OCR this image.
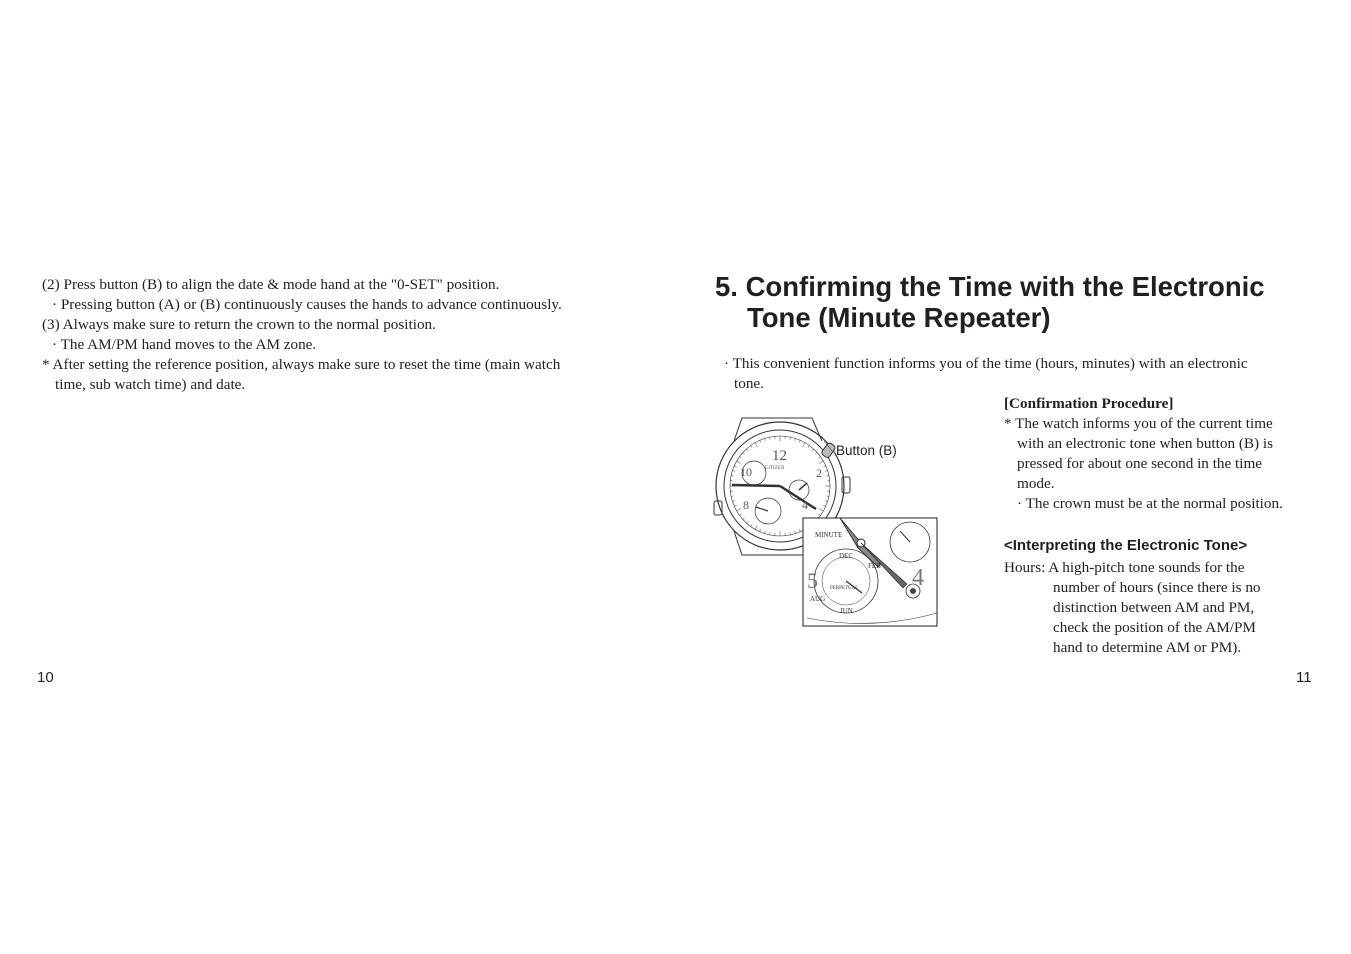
(2) Press button (B) to align the date & mode hand at the "0-SET" position.
· Pressing button (A) or (B) continuously causes the hands to advance continuously.
(3) Always make sure to return the crown to the normal position.
· The AM/PM hand moves to the AM zone.
* After setting the reference position, always make sure to reset the time (main watch
time, sub watch time) and date.
10
5. Confirming the Time with the Electronic
Tone (Minute Repeater)
· This convenient function informs you of the time (hours, minutes) with an electronic
tone.
[Confirmation Procedure]
* The watch informs you of the current time
with an electronic tone when button (B) is
pressed for about one second in the time
mode.
· The crown must be at the normal position.
<Interpreting the Electronic Tone>
Hours: A high-pitch tone sounds for the
number of hours (since there is no
distinction between AM and PM,
check the position of the AM/PM
hand to determine AM or PM).
11
Button (B)
12
10	2
8	4
CITIZEN
MINUTE
DEC
FEB
AUG
JUN
PERPETUAL 4
5
